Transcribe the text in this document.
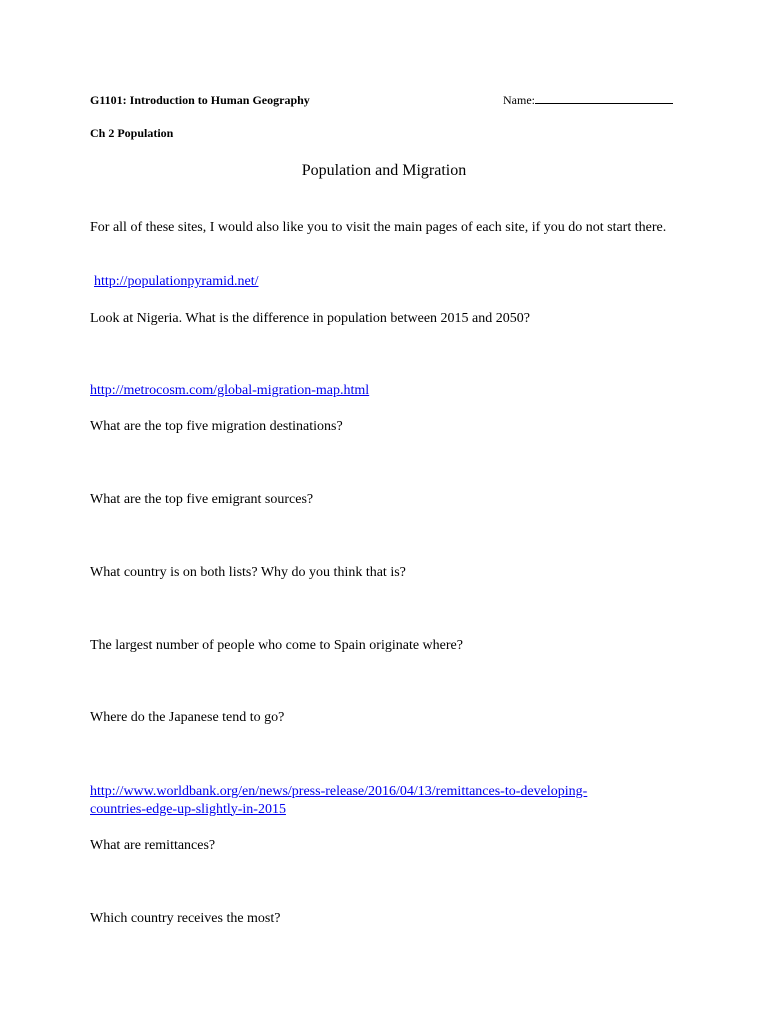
G1101: Introduction to Human Geography	Name:
Ch 2 Population
Population and Migration
For all of these sites, I would also like you to visit the main pages of each site, if you do not start there.
http://populationpyramid.net/
Look at Nigeria. What is the difference in population between 2015 and 2050?
http://metrocosm.com/global-migration-map.html
What are the top five migration destinations?
What are the top five emigrant sources?
What country is on both lists? Why do you think that is?
The largest number of people who come to Spain originate where?
Where do the Japanese tend to go?
http://www.worldbank.org/en/news/press-release/2016/04/13/remittances-to-developing-
countries-edge-up-slightly-in-2015
What are remittances?
Which country receives the most?
